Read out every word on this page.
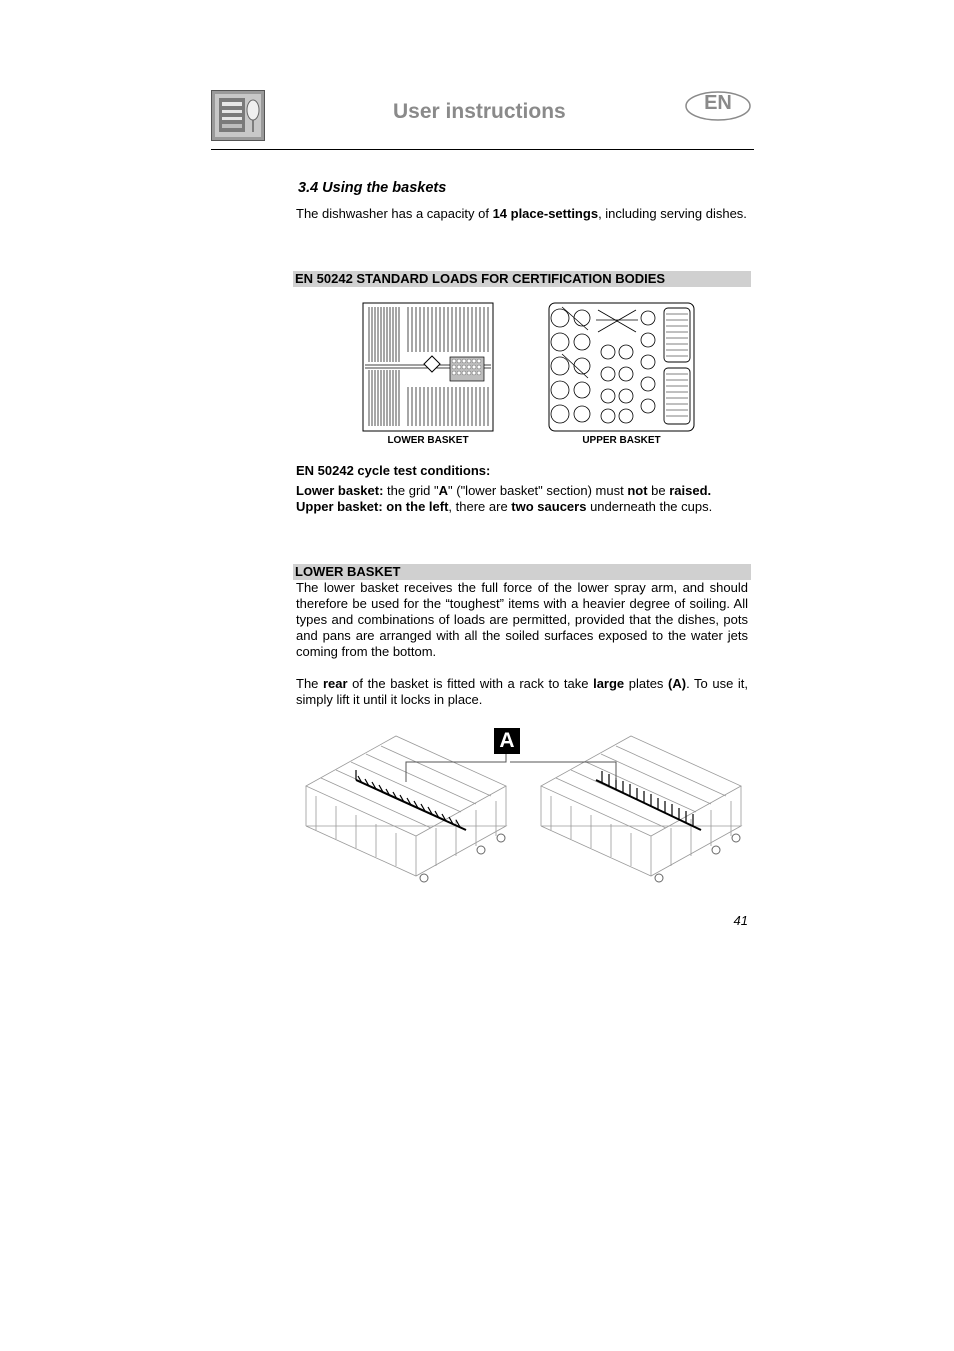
User instructions	EN
3.4 Using the baskets
The dishwasher has a capacity of 14 place-settings, including serving dishes.
EN 50242 STANDARD LOADS FOR CERTIFICATION BODIES
LOWER BASKET	UPPER BASKET
EN 50242 cycle test conditions:
Lower basket: the grid "A" ("lower basket" section) must not be raised.
Upper basket: on the left, there are two saucers underneath the cups.
LOWER BASKET
The lower basket receives the full force of the lower spray arm, and should therefore be used for the “toughest” items with a heavier degree of soiling. All types and combinations of loads are permitted, provided that the dishes, pots and pans are arranged with all the soiled surfaces exposed to the water jets coming from the bottom.
The rear of the basket is fitted with a rack to take large plates (A). To use it, simply lift it until it locks in place.
A
41
